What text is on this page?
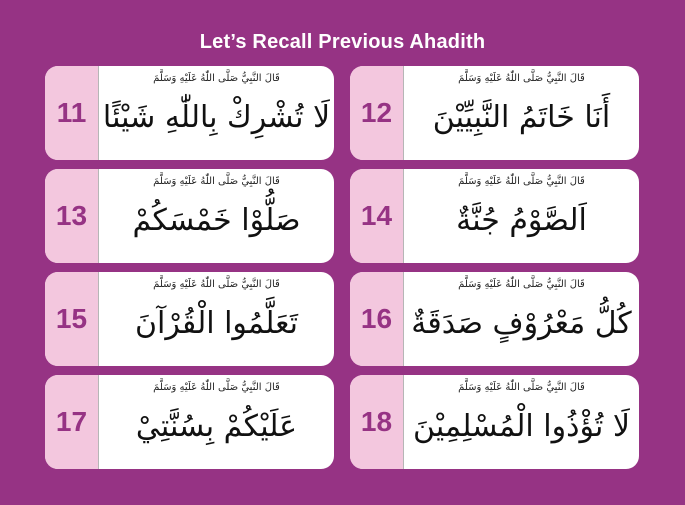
Let’s Recall Previous Ahadith
11
قَالَ النَّبِيُّ صَلَّى اللّٰهُ عَلَيْهِ وَسَلَّمَ
لَا تُشْرِكْ بِاللّٰهِ شَيْئًا 12
قَالَ النَّبِيُّ صَلَّى اللّٰهُ عَلَيْهِ وَسَلَّمَ
أَنَا خَاتَمُ النَّبِيِّيْنَ
13
قَالَ النَّبِيُّ صَلَّى اللّٰهُ عَلَيْهِ وَسَلَّمَ
صَلُّوْا خَمْسَكُمْ	14
قَالَ النَّبِيُّ صَلَّى اللّٰهُ عَلَيْهِ وَسَلَّمَ
اَلصَّوْمُ جُنَّةٌ
15
قَالَ النَّبِيُّ صَلَّى اللّٰهُ عَلَيْهِ وَسَلَّمَ
تَعَلَّمُوا الْقُرْآنَ	16
قَالَ النَّبِيُّ صَلَّى اللّٰهُ عَلَيْهِ وَسَلَّمَ
كُلُّ مَعْرُوْفٍ صَدَقَةٌ
17
قَالَ النَّبِيُّ صَلَّى اللّٰهُ عَلَيْهِ وَسَلَّمَ
عَلَيْكُمْ بِسُنَّتِيْ	18
قَالَ النَّبِيُّ صَلَّى اللّٰهُ عَلَيْهِ وَسَلَّمَ
لَا تُؤْذُوا الْمُسْلِمِيْنَ
